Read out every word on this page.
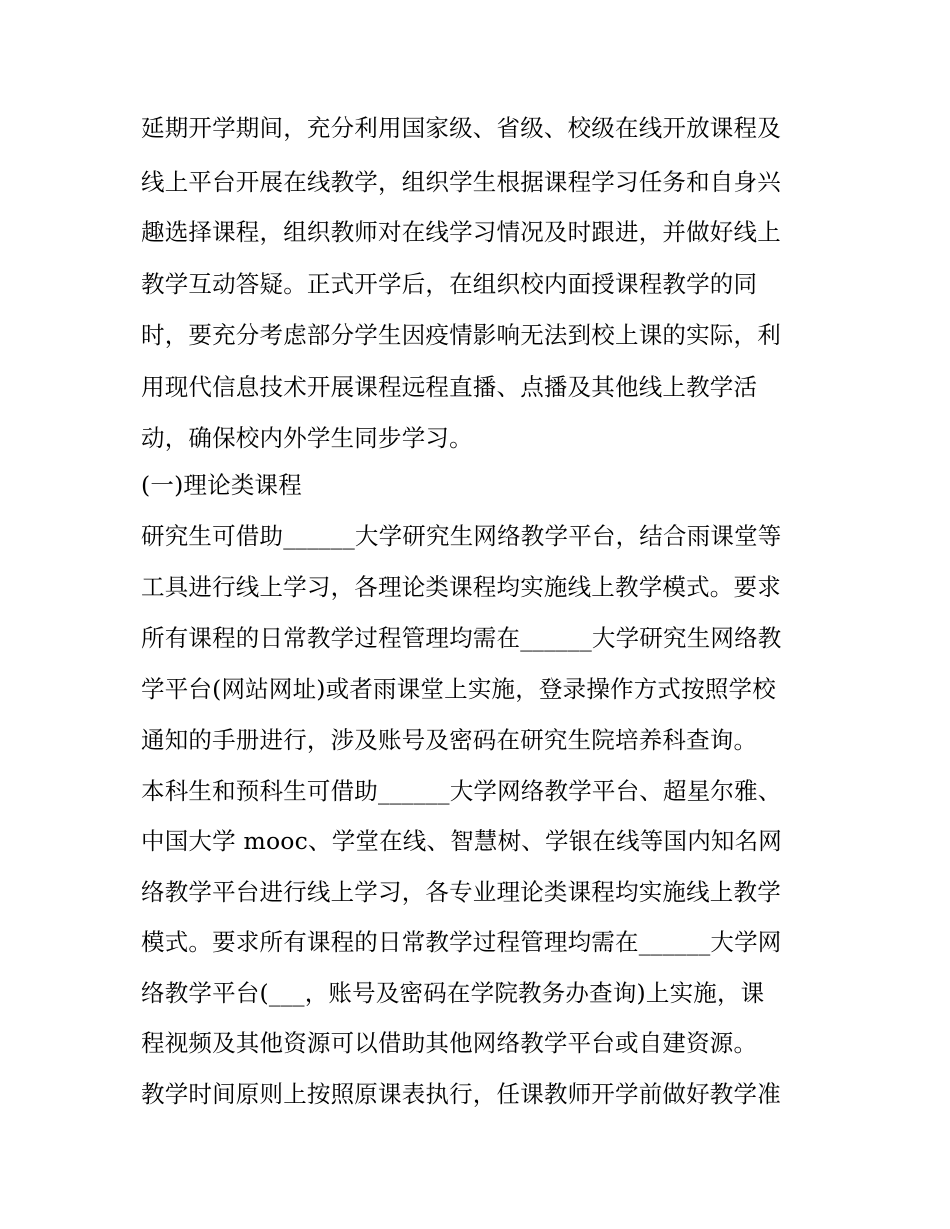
延期开学期间，充分利用国家级、省级、校级在线开放课程及
线上平台开展在线教学，组织学生根据课程学习任务和自身兴
趣选择课程，组织教师对在线学习情况及时跟进，并做好线上
教学互动答疑。正式开学后，在组织校内面授课程教学的同
时，要充分考虑部分学生因疫情影响无法到校上课的实际，利
用现代信息技术开展课程远程直播、点播及其他线上教学活
动，确保校内外学生同步学习。
(一)理论类课程
研究生可借助______大学研究生网络教学平台，结合雨课堂等
工具进行线上学习，各理论类课程均实施线上教学模式。要求
所有课程的日常教学过程管理均需在______大学研究生网络教
学平台(网站网址)或者雨课堂上实施，登录操作方式按照学校
通知的手册进行，涉及账号及密码在研究生院培养科查询。
本科生和预科生可借助______大学网络教学平台、超星尔雅、
中国大学 mooc、学堂在线、智慧树、学银在线等国内知名网
络教学平台进行线上学习，各专业理论类课程均实施线上教学
模式。要求所有课程的日常教学过程管理均需在______大学网
络教学平台(___，账号及密码在学院教务办查询)上实施，课
程视频及其他资源可以借助其他网络教学平台或自建资源。
教学时间原则上按照原课表执行，任课教师开学前做好教学准
